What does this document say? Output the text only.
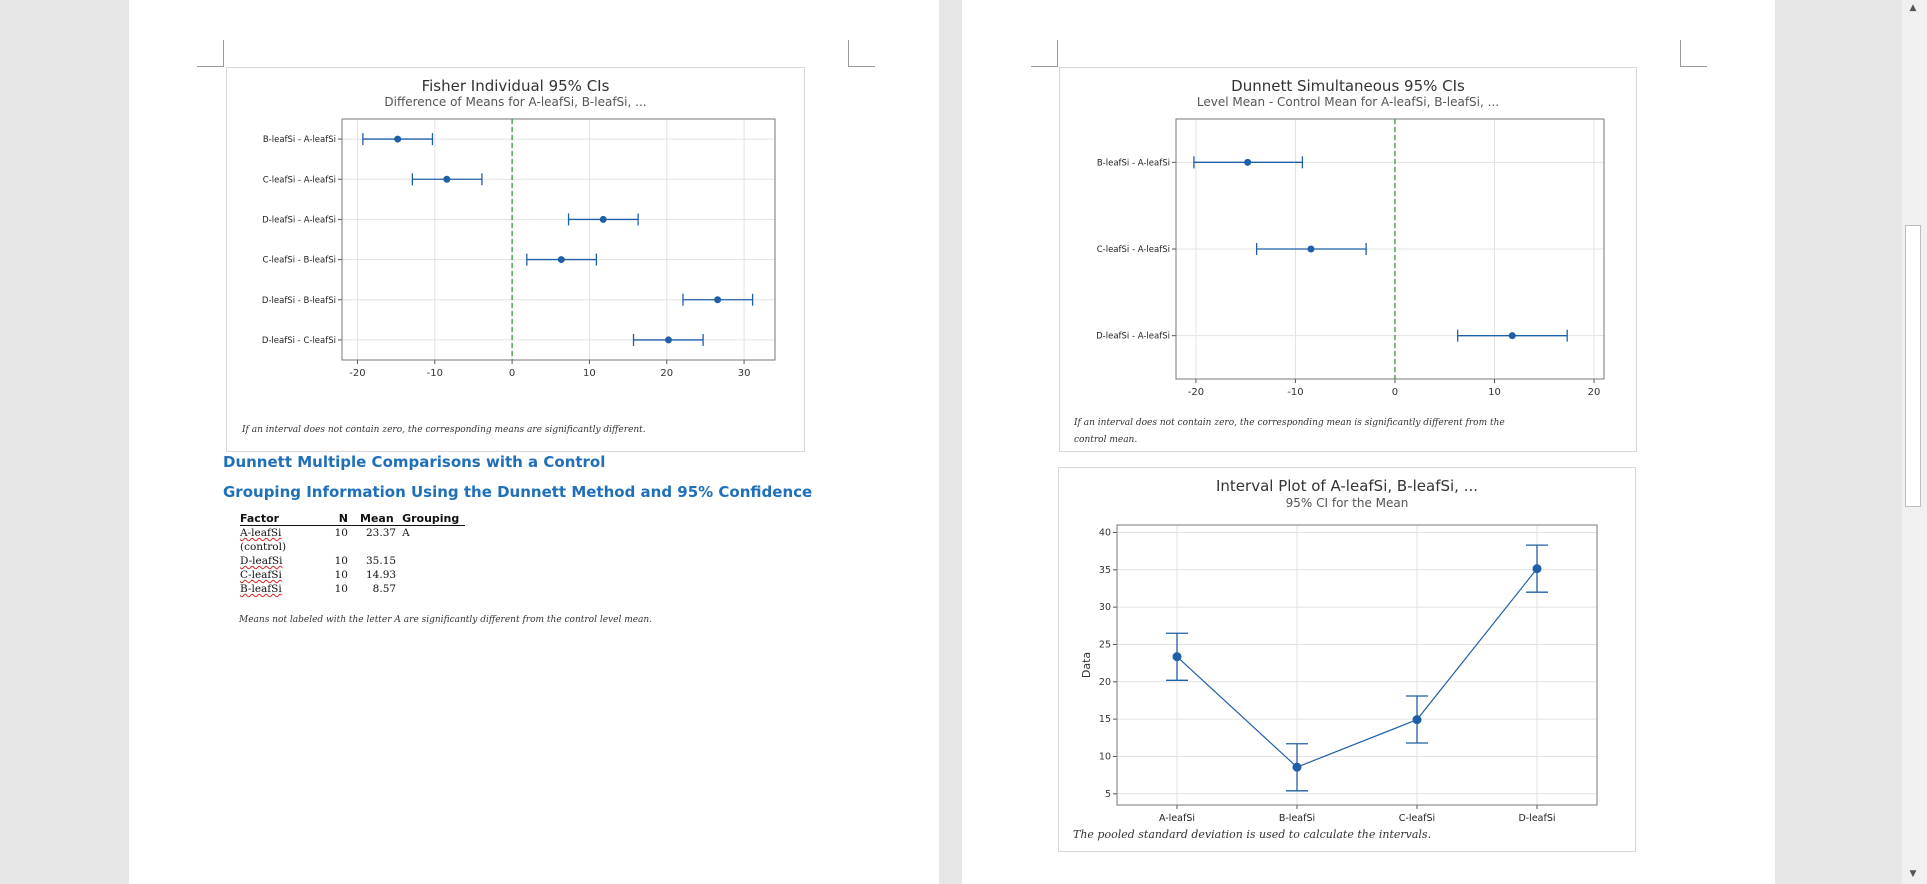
Fisher Individual 95% CIs
Difference of Means for A-leafSi, B-leafSi, ...
-20	-10	0	10	20	30
B-leafSi - A-leafSi
C-leafSi - A-leafSi
D-leafSi - A-leafSi
C-leafSi - B-leafSi
D-leafSi - B-leafSi
D-leafSi - C-leafSi
If an interval does not contain zero, the corresponding means are significantly different.
Dunnett Multiple Comparisons with a Control
Grouping Information Using the Dunnett Method and 95% Confidence
Factor	N	Mean	Grouping
A-leafSi
(control)	10	23.37	A
D-leafSi	10	35.15	
C-leafSi	10	14.93	
B-leafSi	10	8.57	
Means not labeled with the letter A are significantly different from the control level mean.
Dunnett Simultaneous 95% CIs
Level Mean - Control Mean for A-leafSi, B-leafSi, ...
-20	-10	0	10	20
B-leafSi - A-leafSi
C-leafSi - A-leafSi
D-leafSi - A-leafSi
If an interval does not contain zero, the corresponding mean is significantly different from the
control mean.
Interval Plot of A-leafSi, B-leafSi, ...
95% CI for the Mean
5
10
15
20
25
30
35
40
A-leafSi	B-leafSi	C-leafSi	D-leafSi
Data
The pooled standard deviation is used to calculate the intervals.
▲
▼
